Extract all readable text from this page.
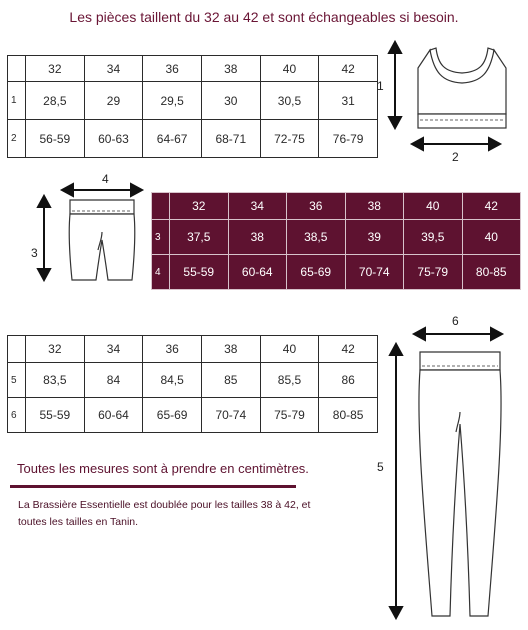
Les pièces taillent du 32 au 42 et sont échangeables si besoin.
	32	34	36	38	40	42
1	28,5	29	29,5	30	30,5	31
2	56-59	60-63	64-67	68-71	72-75	76-79
	32	34	36	38	40	42
3	37,5	38	38,5	39	39,5	40
4	55-59	60-64	65-69	70-74	75-79	80-85
	32	34	36	38	40	42
5	83,5	84	84,5	85	85,5	86
6	55-59	60-64	65-69	70-74	75-79	80-85
1
2
3
4
5
6
Toutes les mesures sont à prendre en centimètres.
La Brassière Essentielle est doublée pour les tailles 38 à 42, et toutes les tailles en Tanin.
